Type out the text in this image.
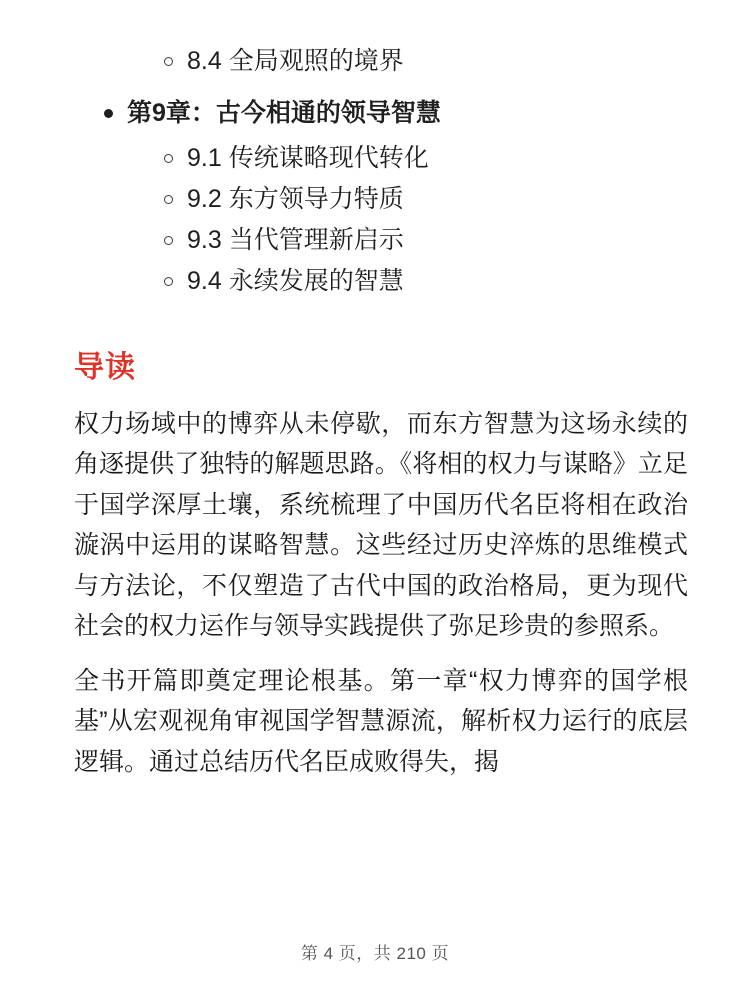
8.4 全局观照的境界
第9章：古今相通的领导智慧
9.1 传统谋略现代转化
9.2 东方领导力特质
9.3 当代管理新启示
9.4 永续发展的智慧
导读

权力场域中的博弈从未停歇，而东方智慧为这场永续的角逐提供了独特的解题思路。《将相的权力与谋略》立足于国学深厚土壤，系统梳理了中国历代名臣将相在政治漩涡中运用的谋略智慧。这些经过历史淬炼的思维模式与方法论，不仅塑造了古代中国的政治格局，更为现代社会的权力运作与领导实践提供了弥足珍贵的参照系。

全书开篇即奠定理论根基。第一章“权力博弈的国学根基”从宏观视角审视国学智慧源流，解析权力运行的底层逻辑。通过总结历代名臣成败得失，揭

第 4 页，共 210 页
